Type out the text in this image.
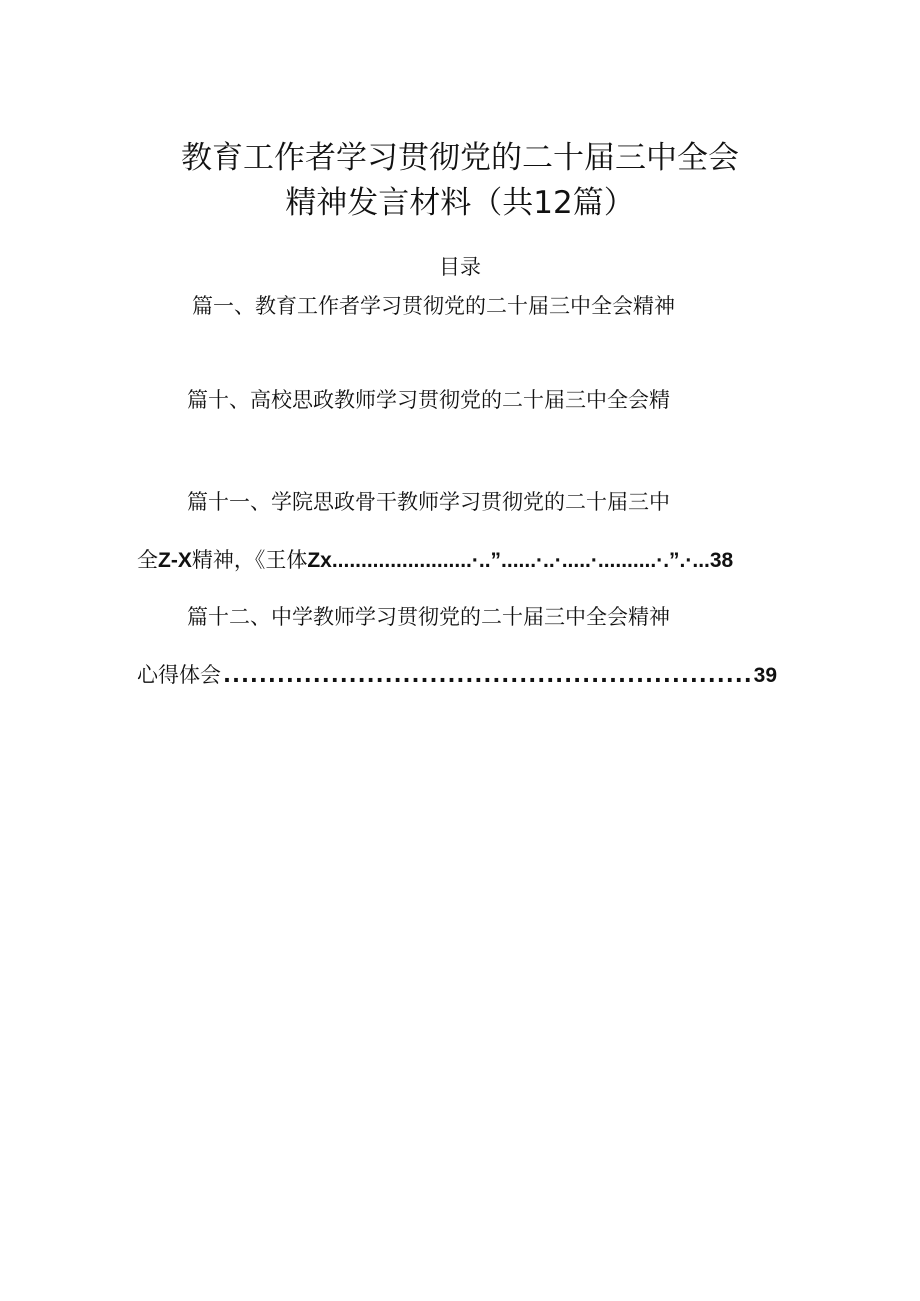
教育工作者学习贯彻党的二十届三中全会
精神发言材料（共12篇）
目录
篇一、教育工作者学习贯彻党的二十届三中全会精神
篇十、高校思政教师学习贯彻党的二十届三中全会精
篇十一、学院思政骨干教师学习贯彻党的二十届三中
全Z-X精神，《王体Zx........................·..”......·..·.....·..........·.”.·...38
篇十二、中学教师学习贯彻党的二十届三中全会精神
心得体会
.....	39
